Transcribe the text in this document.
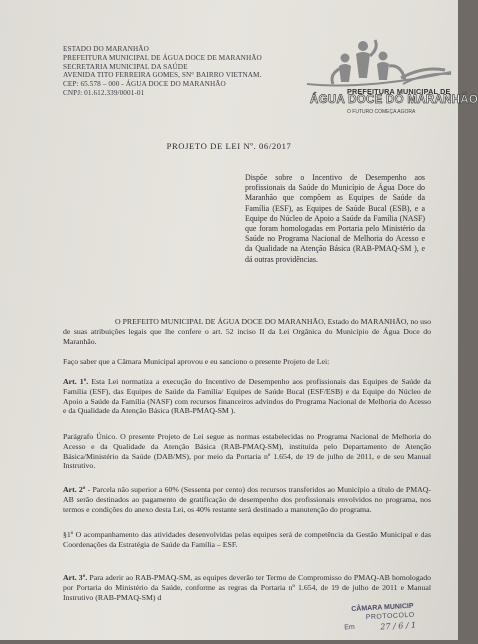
ESTADO DO MARANHÃO
PREFEITURA MUNICIPAL DE ÁGUA DOCE DE MARANHÃO
SECRETARIA MUNICIPAL DA SAÚDE
AVENIDA TITO FERREIRA GOMES, SN° BAIRRO VIETNAM.
CEP: 65.578 – 000 - ÁGUA DOCE DO MARANHÃO
CNPJ: 01.612.339/0001-01	PREFEITURA MUNICIPAL DE
ÁGUA DOCE DO MARANHÃO
O FUTURO COMEÇA AGORA
PROJETO DE LEI Nº. 06/2017
Dispõe sobre o Incentivo de Desempenho aos profissionais da Saúde do Município de Água Doce do Maranhão que compõem as Equipes de Saúde da Família (ESF), as Equipes de Saúde Bucal (ESB), e a Equipe do Núcleo de Apoio a Saúde da Família (NASF) que foram homologadas em Portaria pelo Ministério da Saúde no Programa Nacional de Melhoria do Acesso e da Qualidade na Atenção Básica (RAB-PMAQ-SM ), e dá outras providências.
O PREFEITO MUNICIPAL DE ÁGUA DOCE DO MARANHÃO, Estado do MARANHÃO, no uso de suas atribuições legais que lhe confere o art. 52 inciso II da Lei Orgânica do Município de Água Doce do Maranhão.
Faço saber que a Câmara Municipal aprovou e eu sanciono o presente Projeto de Lei:
Art. 1º. Esta Lei normatiza a execução do Incentivo de Desempenho aos profissionais das Equipes de Saúde da Família (ESF), das Equipes de Saúde da Família/ Equipes de Saúde Bucal (ESF/ESB) e da Equipe do Núcleo de Apoio a Saúde da Família (NASF) com recursos financeiros advindos do Programa Nacional de Melhoria do Acesso e da Qualidade da Atenção Básica (RAB-PMAQ-SM ).
Parágrafo Único. O presente Projeto de Lei segue as normas estabelecidas no Programa Nacional de Melhoria do Acesso e da Qualidade da Atenção Básica (RAB-PMAQ-SM), instituída pelo Departamento de Atenção Básica/Ministério da Saúde (DAB/MS), por meio da Portaria nº 1.654, de 19 de julho de 2011, e de seu Manual Instrutivo.
Art. 2º - Parcela não superior a 60% (Sessenta por cento) dos recursos transferidos ao Município a título de PMAQ-AB serão destinados ao pagamento de gratificação de desempenho dos profissionais envolvidos no programa, nos termos e condições do anexo desta Lei, os 40% restante será destinado a manutenção do programa.
§1º O acompanhamento das atividades desenvolvidas pelas equipes será de competência da Gestão Municipal e das Coordenações da Estratégia de Saúde da Família – ESF.
Art. 3º. Para aderir ao RAB-PMAQ-SM, as equipes deverão ter Termo de Compromisso do PMAQ-AB homologado por Portaria do Ministério da Saúde, conforme as regras da Portaria nº 1.654, de 19 de julho de 2011 e Manual Instrutivo (RAB-PMAQ-SM) d
CÂMARA MUNICIP
PROTOCOLO
Em	27 / 6 / 1
